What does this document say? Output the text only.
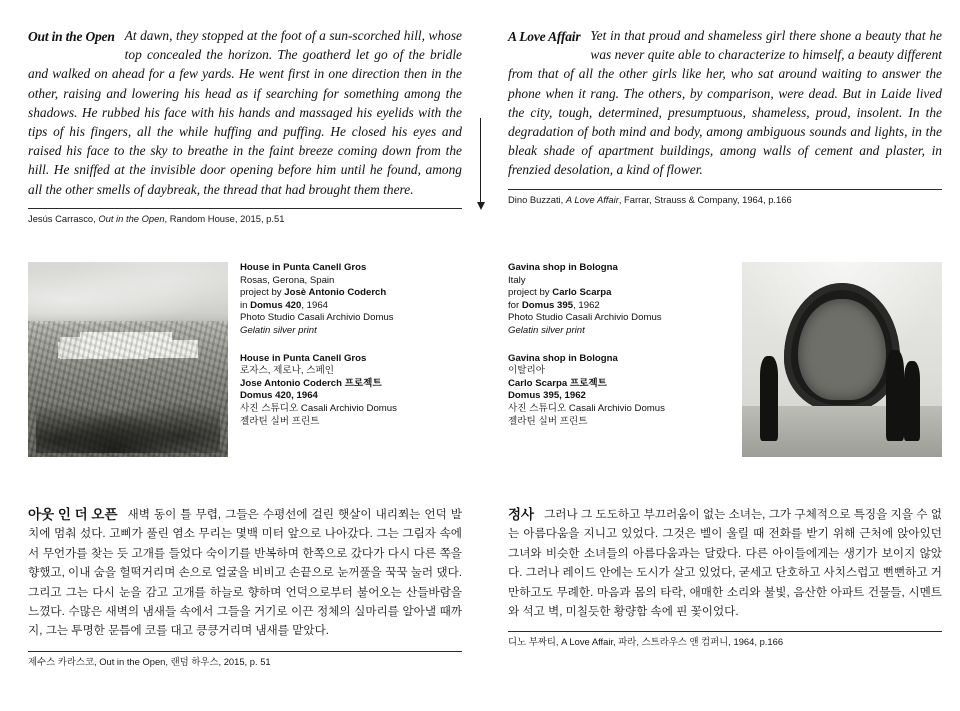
Out in the Open At dawn, they stopped at the foot of a sun-scorched hill, whose top concealed the horizon. The goatherd let go of the bridle and walked on ahead for a few yards. He went first in one direction then in the other, raising and lowering his head as if searching for something among the shadows. He rubbed his face with his hands and massaged his eyelids with the tips of his fingers, all the while huffing and puffing. He closed his eyes and raised his face to the sky to breathe in the faint breeze coming down from the hill. He sniffed at the invisible door opening before him until he found, among all the other smells of daybreak, the thread that had brought them there.

Jesús Carrasco, Out in the Open, Random House, 2015, p.51

House in Punta Canell Gros
Rosas, Gerona, Spain
project by Josè Antonio Coderch
in Domus 420, 1964
Photo Studio Casali Archivio Domus
Gelatin silver print

House in Punta Canell Gros
로자스, 제로나, 스페인
Jose Antonio Coderch 프로젝트
Domus 420, 1964
사진 스튜디오 Casali Archivio Domus
젤라틴 실버 프린트

아웃 인 더 오픈 새벽 동이 틀 무렵, 그들은 수평선에 걸린 햇살이 내리쬐는 언덕 발치에 멈춰 섰다. 고삐가 풀린 염소 무리는 몇백 미터 앞으로 나아갔다. 그는 그림자 속에서 무언가를 찾는 듯 고개를 들었다 숙이기를 반복하며 한쪽으로 갔다가 다시 다른 쪽을 향했고, 이내 숨을 헐떡거리며 손으로 얼굴을 비비고 손끝으로 눈꺼풀을 꾹꾹 눌러 댔다. 그리고 그는 다시 눈을 감고 고개를 하늘로 향하며 언덕으로부터 불어오는 산들바람을 느꼈다. 수많은 새벽의 냄새들 속에서 그들을 거기로 이끈 정체의 실마리를 알아낼 때까지, 그는 투명한 문틈에 코를 대고 킁킁거리며 냄새를 맡았다.

제수스 카라스코, Out in the Open, 랜덤 하우스, 2015, p. 51

A Love Affair Yet in that proud and shameless girl there shone a beauty that he was never quite able to characterize to himself, a beauty different from that of all the other girls like her, who sat around waiting to answer the phone when it rang. The others, by comparison, were dead. But in Laide lived the city, tough, determined, presumptuous, shameless, proud, insolent. In the degradation of both mind and body, among ambiguous sounds and lights, in the bleak shade of apartment buildings, among walls of cement and plaster, in frenzied desolation, a kind of flower.

Dino Buzzati, A Love Affair, Farrar, Strauss & Company, 1964, p.166

Gavina shop in Bologna
Italy
project by Carlo Scarpa
for Domus 395, 1962
Photo Studio Casali Archivio Domus
Gelatin silver print

Gavina shop in Bologna
이탈리아
Carlo Scarpa 프로젝트
Domus 395, 1962
사진 스튜디오 Casali Archivio Domus
젤라틴 실버 프린트

정사 그러나 그 도도하고 부끄러움이 없는 소녀는, 그가 구체적으로 특징을 지을 수 없는 아름다움을 지니고 있었다. 그것은 벨이 울릴 때 전화를 받기 위해 근처에 앉아있던 그녀와 비슷한 소녀들의 아름다움과는 달랐다. 다른 아이들에게는 생기가 보이지 않았다. 그러나 레이드 안에는 도시가 살고 있었다, 굳세고 단호하고 사치스럽고 뻔뻔하고 거만하고도 무례한. 마음과 몸의 타락, 애매한 소리와 불빛, 음산한 아파트 건물들, 시멘트와 석고 벽, 미칠듯한 황량함 속에 핀 꽃이었다.

디노 부짜티, A Love Affair, 파라, 스트라우스 앤 컴퍼니, 1964, p.166
